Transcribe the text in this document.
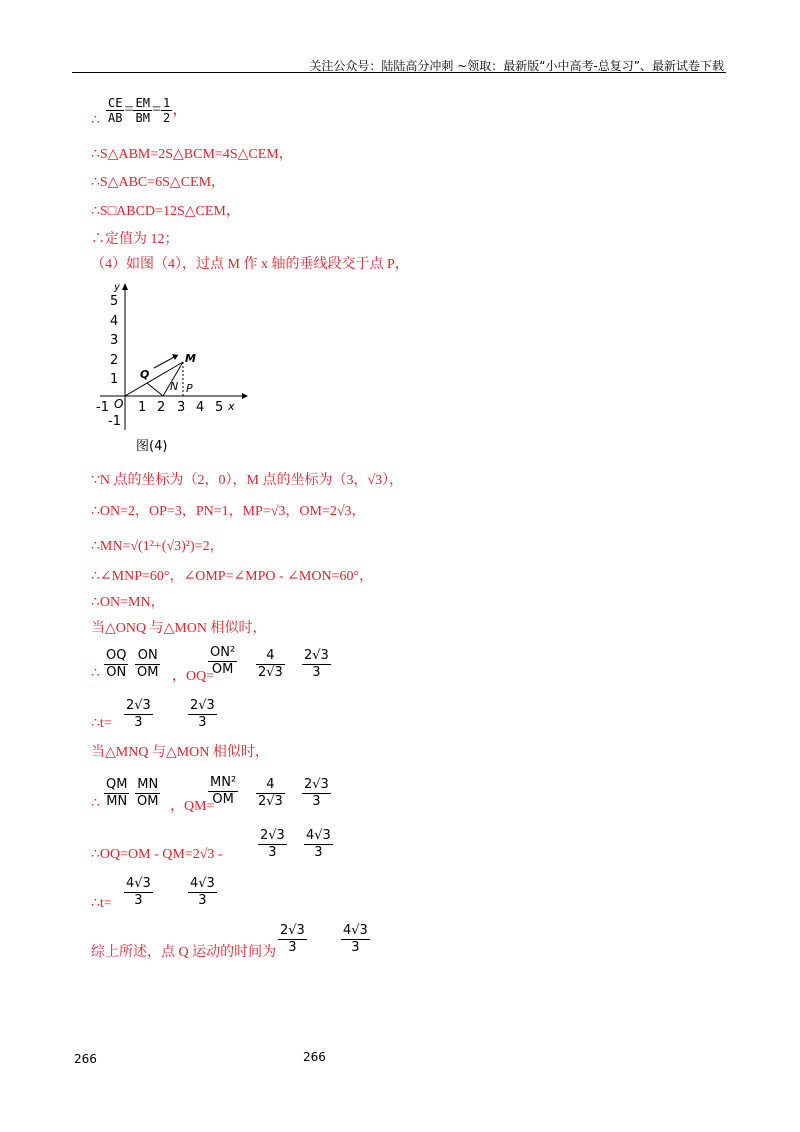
关注公众号：陆陆高分冲刺 ~领取：最新版“小中高考-总复习”、最新试卷下载
$\frac{CE}{AB} = \frac{EM}{BM} = \frac{1}{2}$ ，
∴
∴S△ABM=2S△BCM=4S△CEM，
∴S△ABC=6S△CEM，
∴S□ABCD=12S△CEM，
∴定值为 12；
（4）如图（4），过点 M 作 x 轴的垂线段交于点 P，
y
x
5
4
3
2
1
-1
-1 O 1 2 3 4 5
Q
N P
M
图(4)
∵N 点的坐标为（2，0），M 点的坐标为（3，√3），
∴ON=2，OP=3，PN=1，MP=√3，OM=2√3，
∴MN=√(1²+(√3)²)=2，
∴∠MNP=60°，∠OMP=∠MPO - ∠MON=60°，
∴ON=MN，
当△ONQ 与△MON 相似时，
∴
OQ
ON
ON
OM ，OQ=
ON²
OM
4
2√3
2√3
3
∴t=
2√3
3
2√3
3
当△MNQ 与△MON 相似时，
∴
QM
MN
MN
OM ，QM=
MN²
OM
4
2√3
2√3
3
∴OQ=OM - QM=2√3 -
2√3
3
4√3
3
∴t=
4√3
3
4√3
3
综上所述，点 Q 运动的时间为
2√3
3
4√3
3
266	266
